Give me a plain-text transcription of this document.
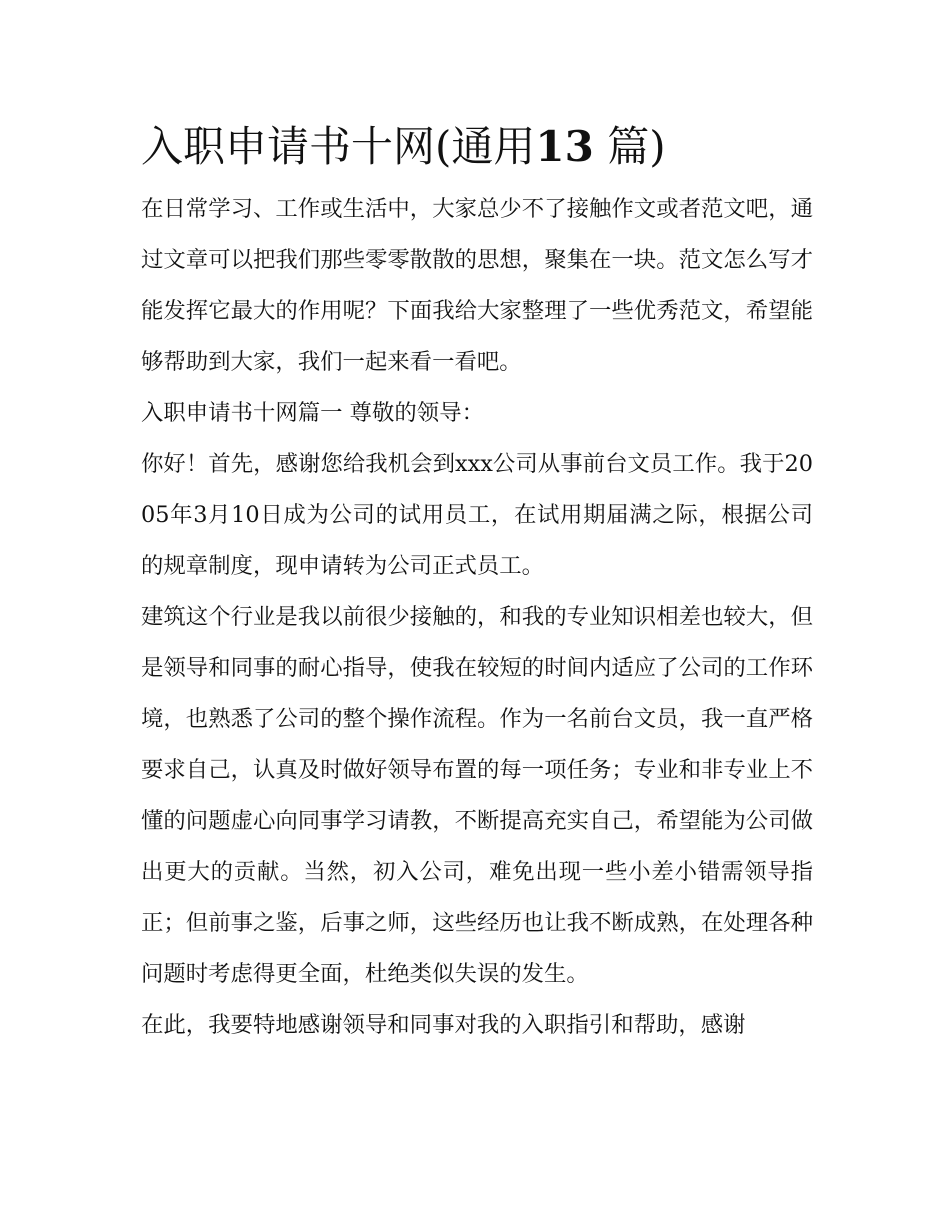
入职申请书十网(通用13 篇)

在日常学习、工作或生活中，大家总少不了接触作文或者范文吧，通过文章可以把我们那些零零散散的思想，聚集在一块。范文怎么写才能发挥它最大的作用呢？下面我给大家整理了一些优秀范文，希望能够帮助到大家，我们一起来看一看吧。

入职申请书十网篇一 尊敬的领导：

你好！首先，感谢您给我机会到xxx公司从事前台文员工作。我于2005年3月10日成为公司的试用员工，在试用期届满之际，根据公司的规章制度，现申请转为公司正式员工。

建筑这个行业是我以前很少接触的，和我的专业知识相差也较大，但是领导和同事的耐心指导，使我在较短的时间内适应了公司的工作环境，也熟悉了公司的整个操作流程。作为一名前台文员，我一直严格要求自己，认真及时做好领导布置的每一项任务；专业和非专业上不懂的问题虚心向同事学习请教，不断提高充实自己，希望能为公司做出更大的贡献。当然，初入公司，难免出现一些小差小错需领导指正；但前事之鉴，后事之师，这些经历也让我不断成熟，在处理各种问题时考虑得更全面，杜绝类似失误的发生。

在此，我要特地感谢领导和同事对我的入职指引和帮助，感谢
